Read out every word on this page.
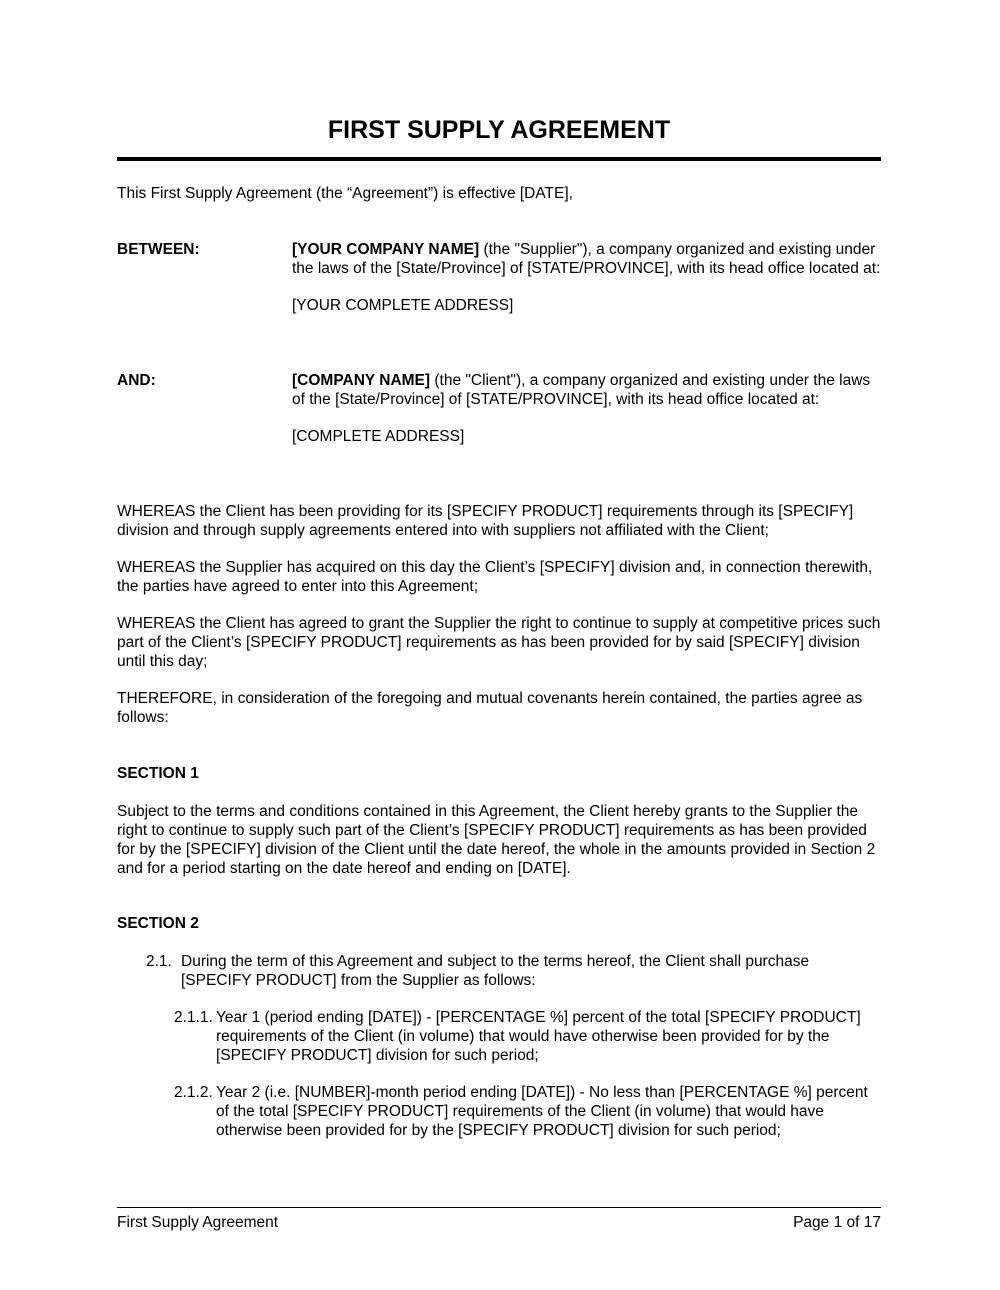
FIRST SUPPLY AGREEMENT

This First Supply Agreement (the “Agreement”) is effective [DATE],

BETWEEN:	[YOUR COMPANY NAME] (the "Supplier"), a company organized and existing under the laws of the [State/Province] of [STATE/PROVINCE], with its head office located at:

[YOUR COMPLETE ADDRESS]

AND:	[COMPANY NAME] (the "Client"), a company organized and existing under the laws of the [State/Province] of [STATE/PROVINCE], with its head office located at:

[COMPLETE ADDRESS]

WHEREAS the Client has been providing for its [SPECIFY PRODUCT] requirements through its [SPECIFY] division and through supply agreements entered into with suppliers not affiliated with the Client;

WHEREAS the Supplier has acquired on this day the Client’s [SPECIFY] division and, in connection therewith, the parties have agreed to enter into this Agreement;

WHEREAS the Client has agreed to grant the Supplier the right to continue to supply at competitive prices such part of the Client’s [SPECIFY PRODUCT] requirements as has been provided for by said [SPECIFY] division until this day;

THEREFORE, in consideration of the foregoing and mutual covenants herein contained, the parties agree as follows:

SECTION 1

Subject to the terms and conditions contained in this Agreement, the Client hereby grants to the Supplier the right to continue to supply such part of the Client’s [SPECIFY PRODUCT] requirements as has been provided for by the [SPECIFY] division of the Client until the date hereof, the whole in the amounts provided in Section 2 and for a period starting on the date hereof and ending on [DATE].

SECTION 2

2.1. During the term of this Agreement and subject to the terms hereof, the Client shall purchase [SPECIFY PRODUCT] from the Supplier as follows:
2.1.1. Year 1 (period ending [DATE]) - [PERCENTAGE %] percent of the total [SPECIFY PRODUCT] requirements of the Client (in volume) that would have otherwise been provided for by the [SPECIFY PRODUCT] division for such period;
2.1.2. Year 2 (i.e. [NUMBER]-month period ending [DATE]) - No less than [PERCENTAGE %] percent of the total [SPECIFY PRODUCT] requirements of the Client (in volume) that would have otherwise been provided for by the [SPECIFY PRODUCT] division for such period;

First Supply Agreement	Page 1 of 17
